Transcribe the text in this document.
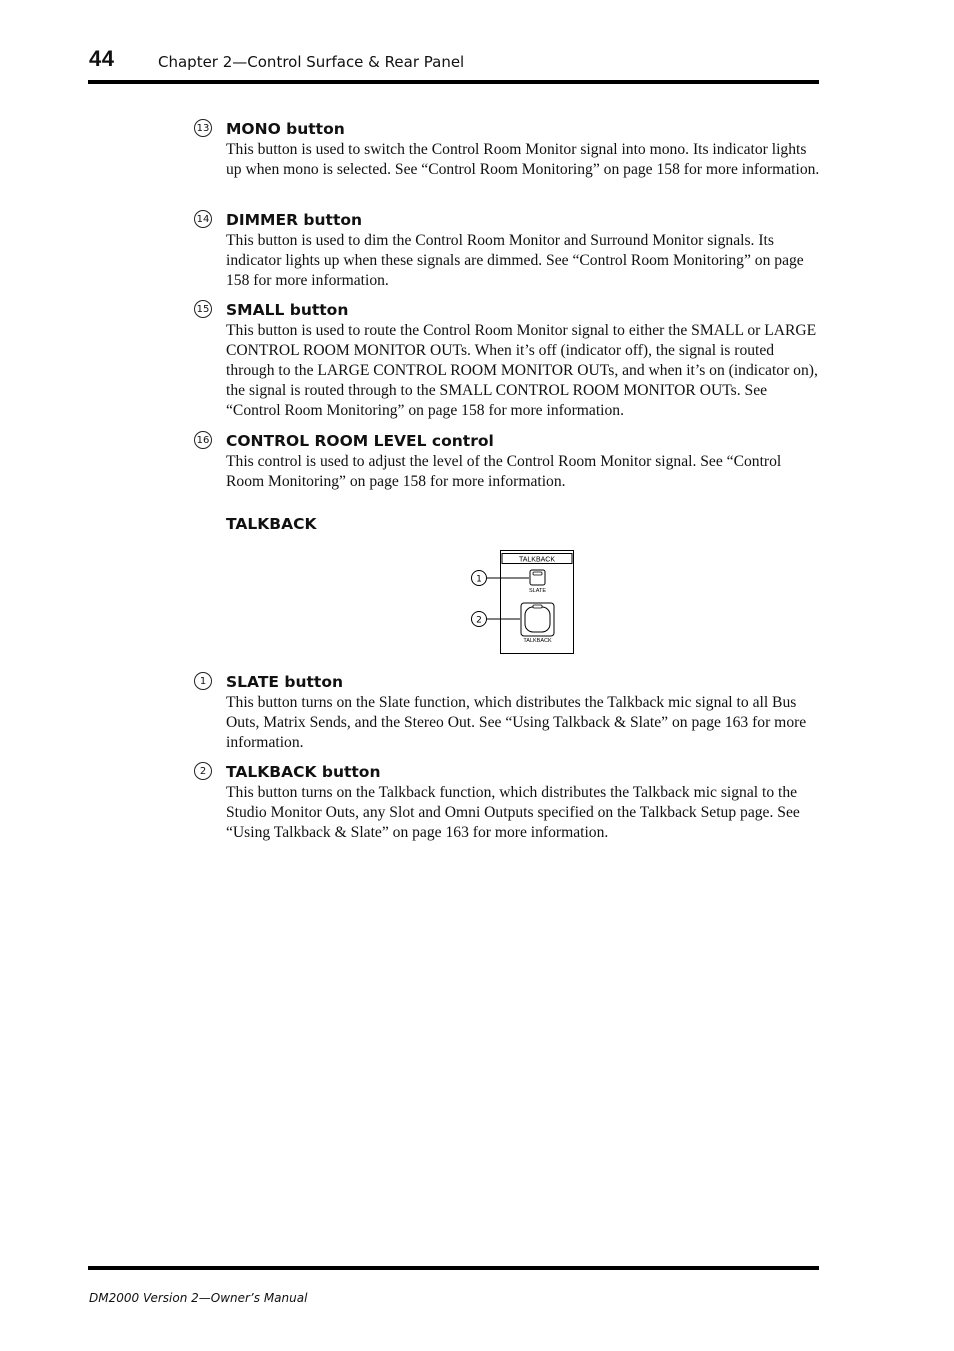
44	Chapter 2—Control Surface & Rear Panel
13 MONO button

This button is used to switch the Control Room Monitor signal into mono. Its indicator lights up when mono is selected. See “Control Room Monitoring” on page 158 for more information.

14 DIMMER button

This button is used to dim the Control Room Monitor and Surround Monitor signals. Its indicator lights up when these signals are dimmed. See “Control Room Monitoring” on page 158 for more information.

15 SMALL button

This button is used to route the Control Room Monitor signal to either the SMALL or LARGE CONTROL ROOM MONITOR OUTs. When it’s off (indicator off), the signal is routed through to the LARGE CONTROL ROOM MONITOR OUTs, and when it’s on (indicator on), the signal is routed through to the SMALL CONTROL ROOM MONITOR OUTs. See “Control Room Monitoring” on page 158 for more information.

16 CONTROL ROOM LEVEL control

This control is used to adjust the level of the Control Room Monitor signal. See “Control Room Monitoring” on page 158 for more information.

TALKBACK
TALKBACK
SLATE
TALKBACK
1
2
1	SLATE button

This button turns on the Slate function, which distributes the Talkback mic signal to all Bus Outs, Matrix Sends, and the Stereo Out. See “Using Talkback & Slate” on page 163 for more information.

2	TALKBACK button

This button turns on the Talkback function, which distributes the Talkback mic signal to the Studio Monitor Outs, any Slot and Omni Outputs specified on the Talkback Setup page. See “Using Talkback & Slate” on page 163 for more information.

DM2000 Version 2—Owner’s Manual
